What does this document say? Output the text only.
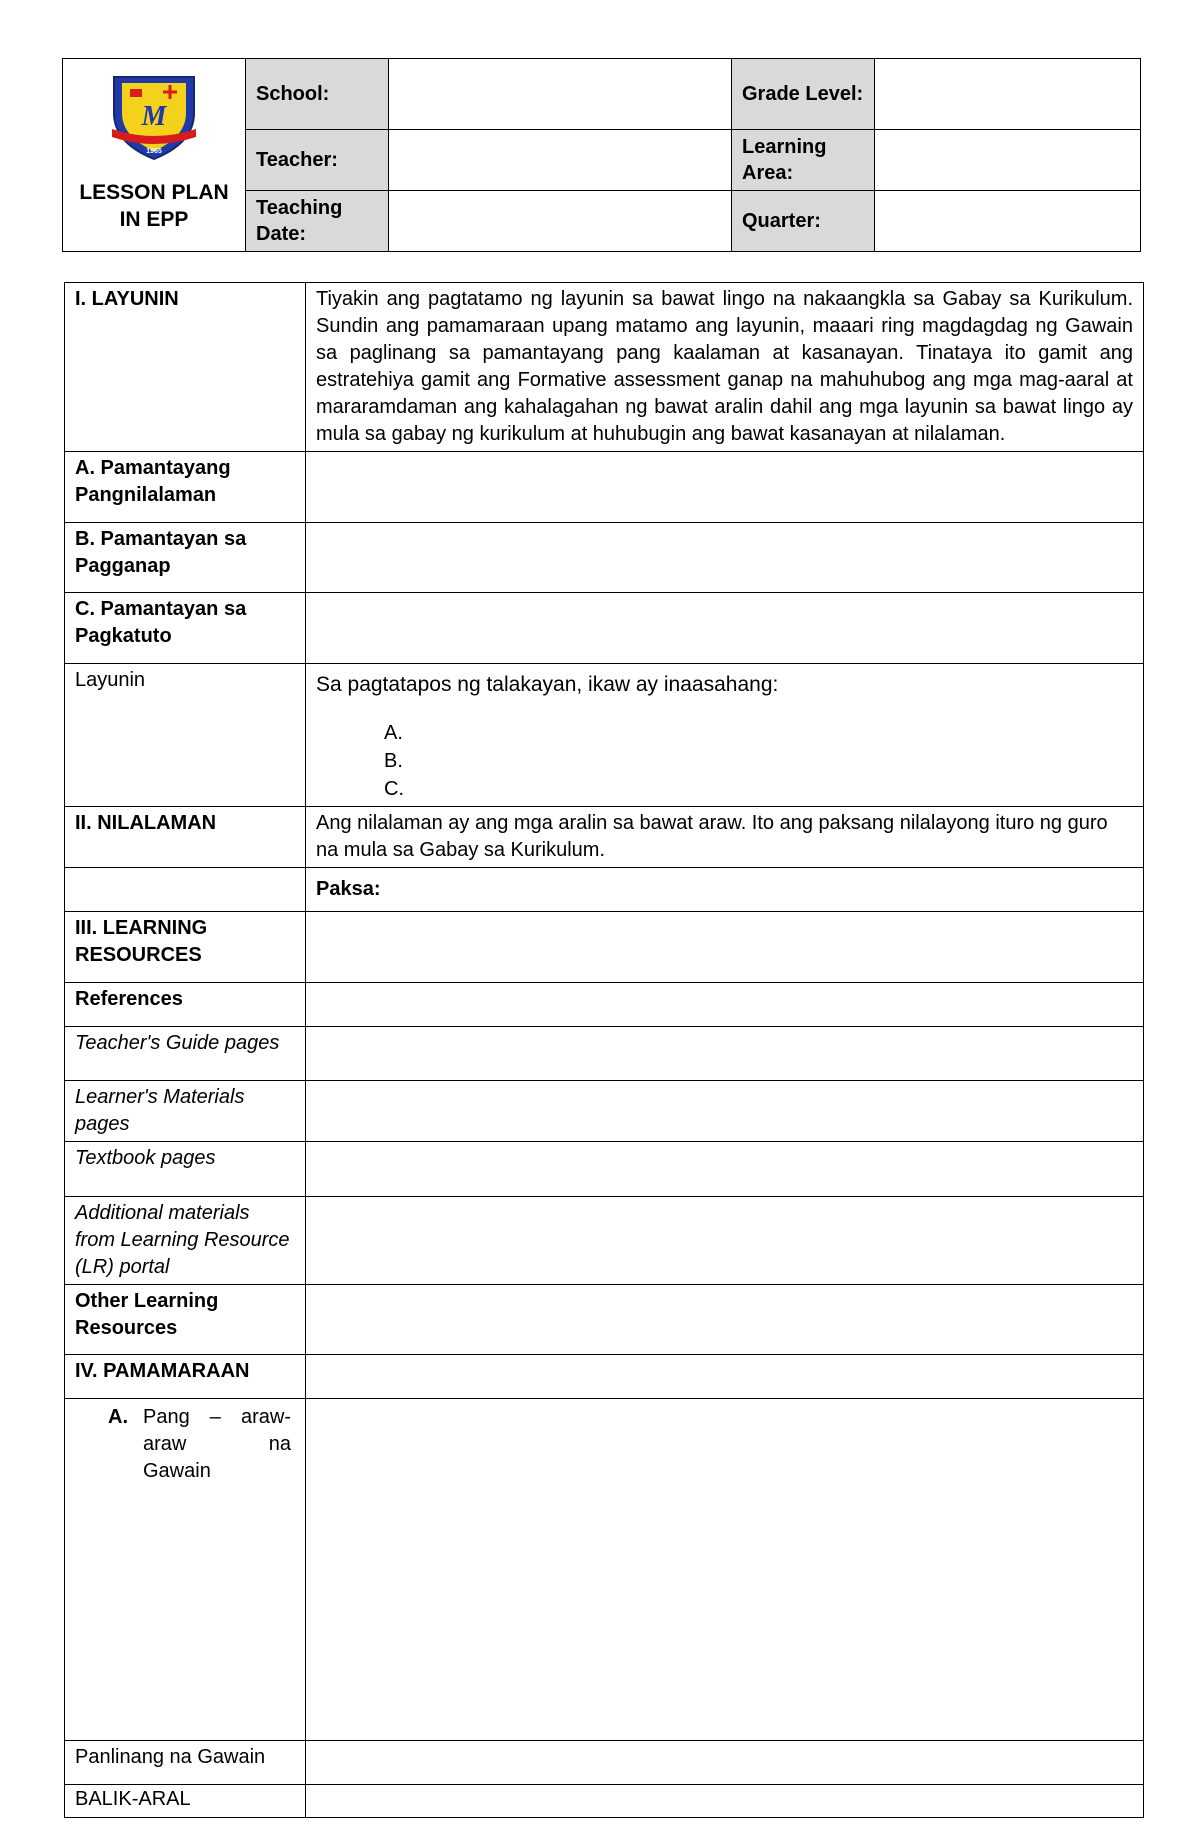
M
1965
LESSON PLAN
IN EPP	School:		Grade Level:	
	Teacher:		Learning Area:	
	Teaching Date:		Quarter:	
I. LAYUNIN	Tiyakin ang pagtatamo ng layunin sa bawat lingo na nakaangkla sa Gabay sa Kurikulum. Sundin ang pamamaraan upang matamo ang layunin, maaari ring magdagdag ng Gawain sa paglinang sa pamantayang pang kaalaman at kasanayan. Tinataya ito gamit ang estratehiya gamit ang Formative assessment ganap na mahuhubog ang mga mag-aaral at mararamdaman ang kahalagahan ng bawat aralin dahil ang mga layunin sa bawat lingo ay mula sa gabay ng kurikulum at huhubugin ang bawat kasanayan at nilalaman.
A. Pamantayang Pangnilalaman	
B. Pamantayan sa Pagganap	
C. Pamantayan sa Pagkatuto	
Layunin	Sa pagtatapos ng talakayan, ikaw ay inaasahang:
A.
B.
C.

II. NILALAMAN	Ang nilalaman ay ang mga aralin sa bawat araw. Ito ang paksang nilalayong ituro ng guro na mula sa Gabay sa Kurikulum.
	Paksa:
III. LEARNING RESOURCES	
References	
Teacher's Guide pages	
Learner's Materials pages	
Textbook pages	
Additional materials from Learning Resource (LR) portal	
Other Learning Resources	
IV. PAMAMARAAN	

A. Pang – araw-
araw na
Gawain	

Panlinang na Gawain	
BALIK-ARAL	
